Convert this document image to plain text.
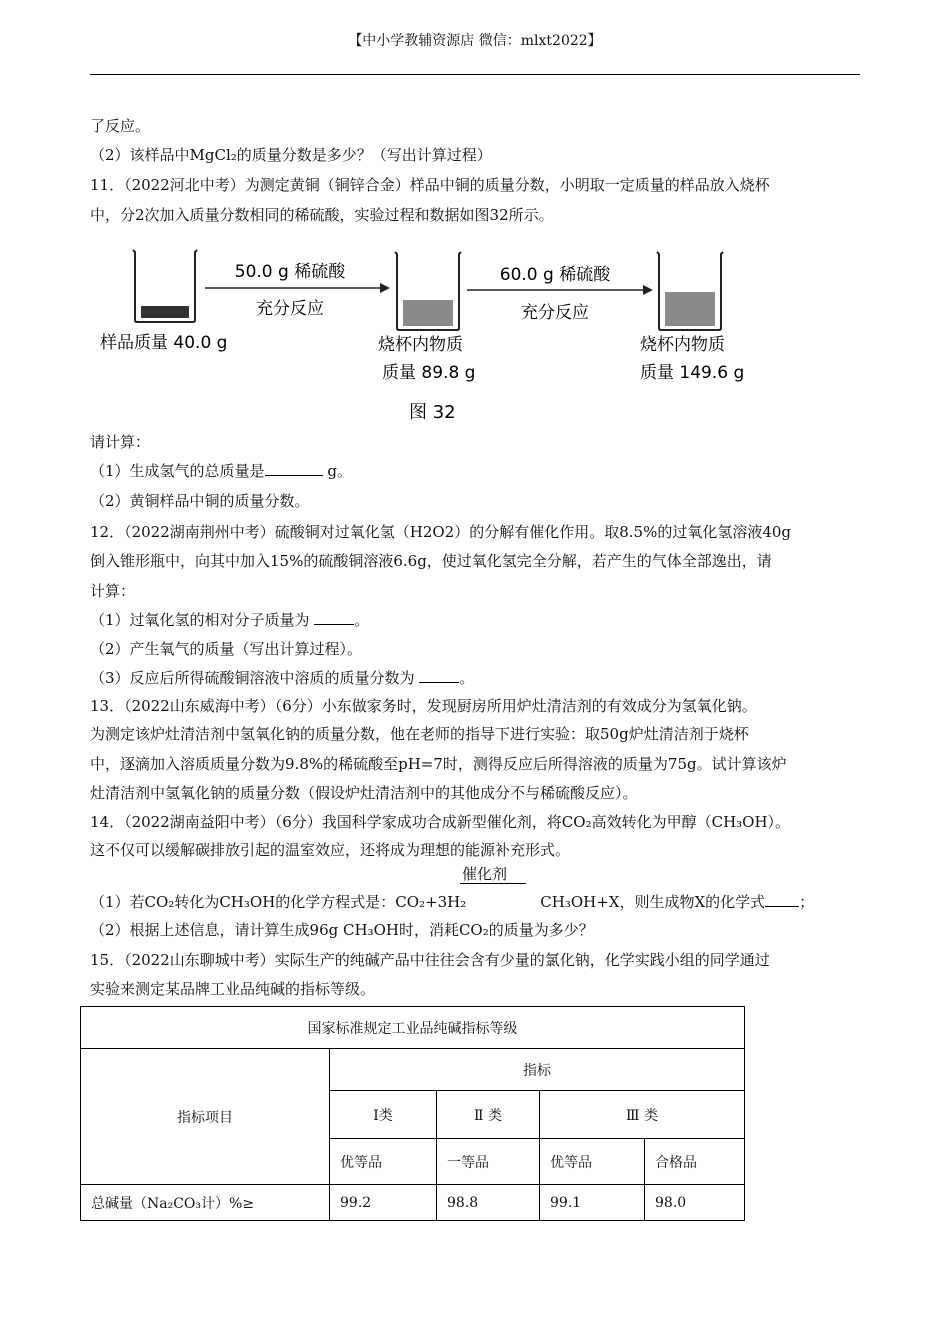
【中小学教辅资源店 微信：mlxt2022】
了反应。
（2）该样品中MgCl₂的质量分数是多少？（写出计算过程）
11．（2022河北中考）为测定黄铜（铜锌合金）样品中铜的质量分数，小明取一定质量的样品放入烧杯
中，分2次加入质量分数相同的稀硫酸，实验过程和数据如图32所示。
50.0 g 稀硫酸
充分反应
60.0 g 稀硫酸
充分反应
样品质量 40.0 g	烧杯内物质
质量 89.8 g
烧杯内物质
质量 149.6 g
图 32
请计算：
（1）生成氢气的总质量是	g。
（2）黄铜样品中铜的质量分数。
12．（2022湖南荆州中考）硫酸铜对过氧化氢（H2O2）的分解有催化作用。取8.5%的过氧化氢溶液40g
倒入锥形瓶中，向其中加入15%的硫酸铜溶液6.6g，使过氧化氢完全分解，若产生的气体全部逸出，请
计算：
（1）过氧化氢的相对分子质量为	。
（2）产生氧气的质量（写出计算过程）。
（3）反应后所得硫酸铜溶液中溶质的质量分数为	。
13．（2022山东威海中考）（6分）小东做家务时，发现厨房所用炉灶清洁剂的有效成分为氢氧化钠。
为测定该炉灶清洁剂中氢氧化钠的质量分数，他在老师的指导下进行实验：取50g炉灶清洁剂于烧杯
中，逐滴加入溶质质量分数为9.8%的稀硫酸至pH=7时，测得反应后所得溶液的质量为75g。试计算该炉
灶清洁剂中氢氧化钠的质量分数（假设炉灶清洁剂中的其他成分不与稀硫酸反应）。
14．（2022湖南益阳中考）（6分）我国科学家成功合成新型催化剂，将CO₂高效转化为甲醇（CH₃OH）。
这不仅可以缓解碳排放引起的温室效应，还将成为理想的能源补充形式。
催化剂
（1）若CO₂转化为CH₃OH的化学方程式是：CO₂+3H₂	CH₃OH+X，则生成物X的化学式 ；
（2）根据上述信息，请计算生成96g CH₃OH时，消耗CO₂的质量为多少？
15．（2022山东聊城中考）实际生产的纯碱产品中往往会含有少量的氯化钠，化学实践小组的同学通过
实验来测定某品牌工业品纯碱的指标等级。
国家标准规定工业品纯碱指标等级				
指标项目	指标			
	Ⅰ类	Ⅱ 类	Ⅲ 类	
	优等品	一等品	优等品	合格品
总碱量（Na₂CO₃计）%≥	99.2	98.8	99.1	98.0
